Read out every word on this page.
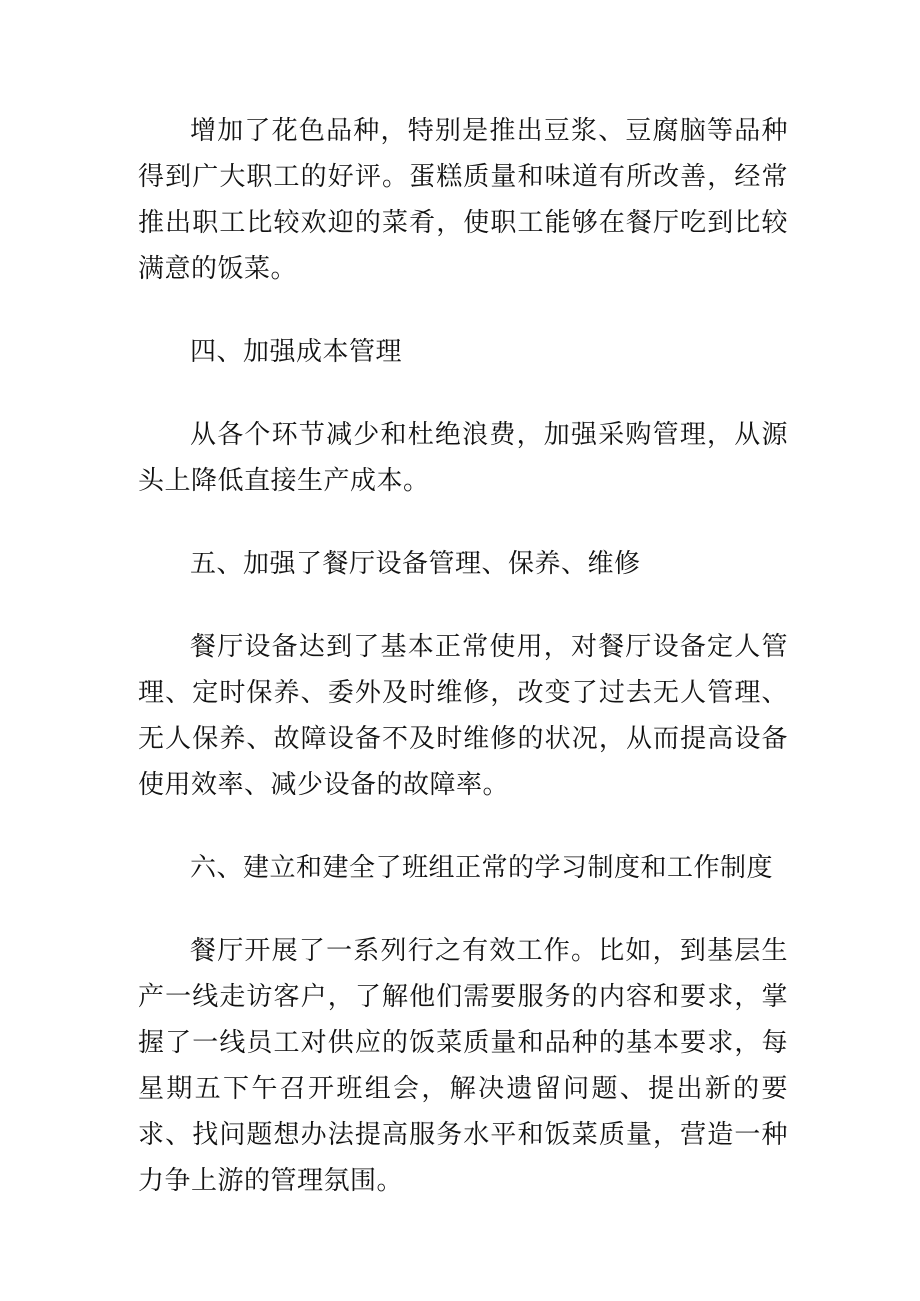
增加了花色品种，特别是推出豆浆、豆腐脑等品种得到广大职工的好评。蛋糕质量和味道有所改善，经常推出职工比较欢迎的菜肴，使职工能够在餐厅吃到比较满意的饭菜。

四、加强成本管理

从各个环节减少和杜绝浪费，加强采购管理，从源头上降低直接生产成本。

五、加强了餐厅设备管理、保养、维修

餐厅设备达到了基本正常使用，对餐厅设备定人管理、定时保养、委外及时维修，改变了过去无人管理、无人保养、故障设备不及时维修的状况，从而提高设备使用效率、减少设备的故障率。

六、建立和建全了班组正常的学习制度和工作制度

餐厅开展了一系列行之有效工作。比如，到基层生产一线走访客户，了解他们需要服务的内容和要求，掌握了一线员工对供应的饭菜质量和品种的基本要求，每星期五下午召开班组会，解决遗留问题、提出新的要求、找问题想办法提高服务水平和饭菜质量，营造一种力争上游的管理氛围。
